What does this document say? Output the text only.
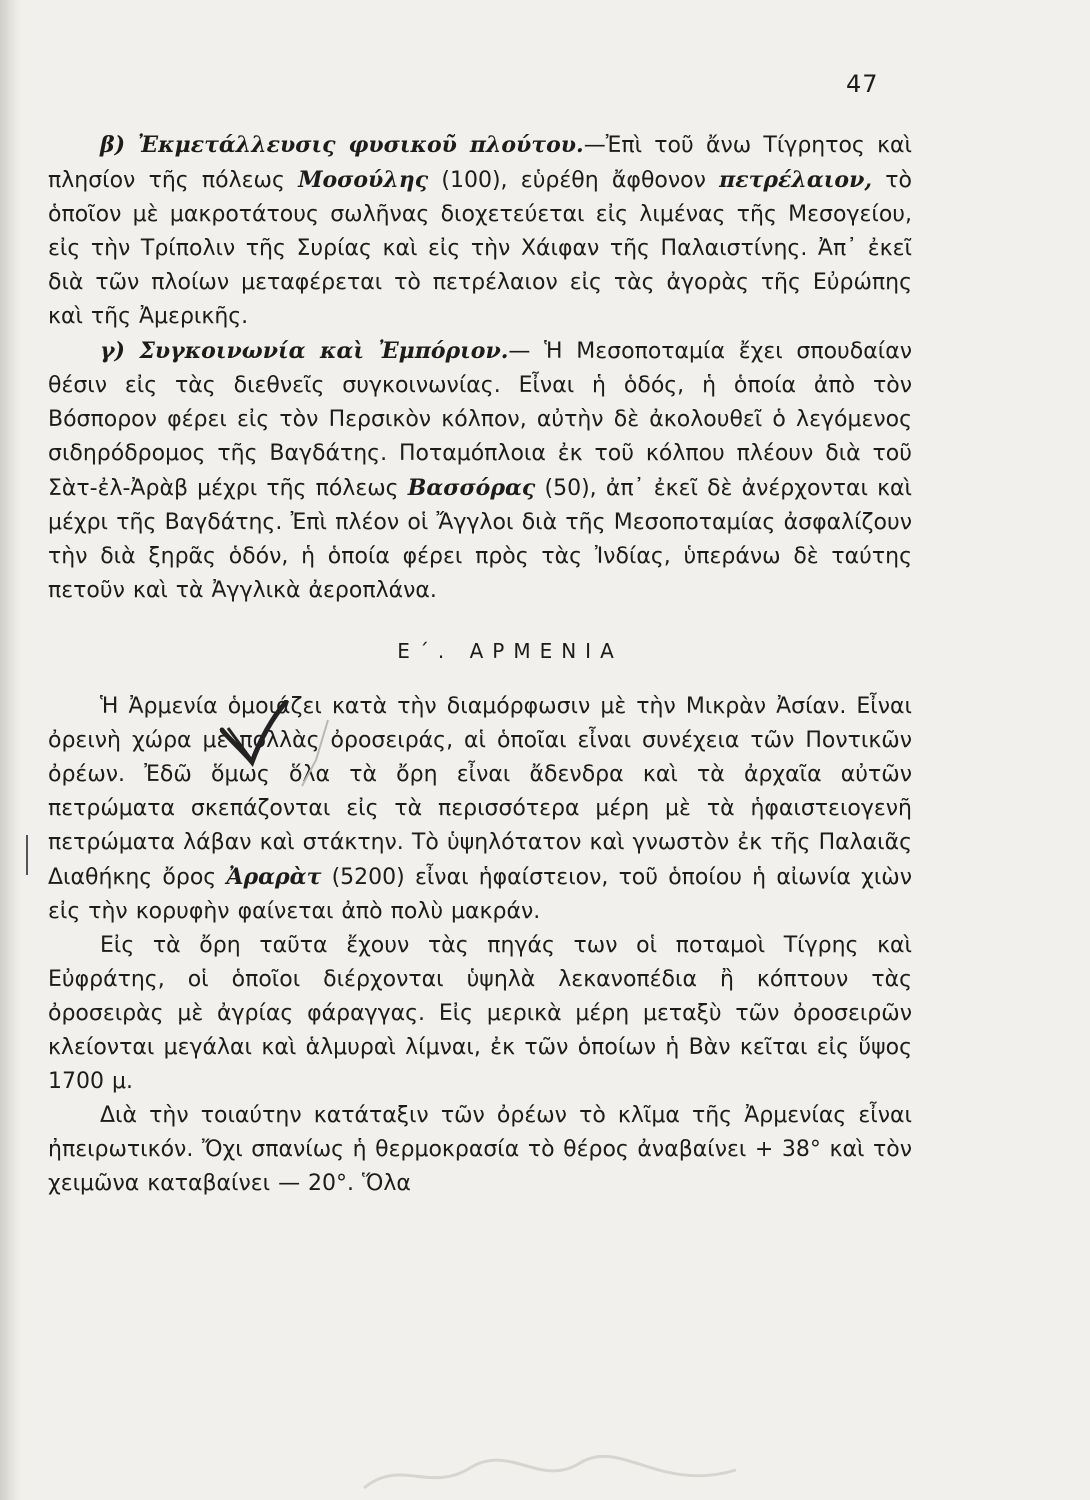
47

β) Ἐκμετάλλευσις φυσικοῦ πλούτου.—Ἐπὶ τοῦ ἄνω Τίγρητος καὶ πλησίον τῆς πόλεως Μοσούλης (100), εὑρέθη ἄφθονον πετρέλαιον, τὸ ὁποῖον μὲ μακροτάτους σωλῆνας διοχετεύεται εἰς λιμένας τῆς Μεσογείου, εἰς τὴν Τρίπολιν τῆς Συρίας καὶ εἰς τὴν Χάιφαν τῆς Παλαιστίνης. Ἀπ᾽ ἐκεῖ διὰ τῶν πλοίων μεταφέρεται τὸ πετρέλαιον εἰς τὰς ἀγορὰς τῆς Εὐρώπης καὶ τῆς Ἀμερικῆς.

γ) Συγκοινωνία καὶ Ἐμπόριον.— Ἡ Μεσοποταμία ἔχει σπουδαίαν θέσιν εἰς τὰς διεθνεῖς συγκοινωνίας. Εἶναι ἡ ὁδός, ἡ ὁποία ἀπὸ τὸν Βόσπορον φέρει εἰς τὸν Περσικὸν κόλπον, αὐτὴν δὲ ἀκολουθεῖ ὁ λεγόμενος σιδηρόδρομος τῆς Βαγδάτης. Ποταμόπλοια ἐκ τοῦ κόλπου πλέουν διὰ τοῦ Σὰτ-ἐλ-Ἀρὰβ μέχρι τῆς πόλεως Βασσόρας (50), ἀπ᾽ ἐκεῖ δὲ ἀνέρχονται καὶ μέχρι τῆς Βαγδάτης. Ἐπὶ πλέον οἱ Ἄγγλοι διὰ τῆς Μεσοποταμίας ἀσφαλίζουν τὴν διὰ ξηρᾶς ὁδόν, ἡ ὁποία φέρει πρὸς τὰς Ἰνδίας, ὑπεράνω δὲ ταύτης πετοῦν καὶ τὰ Ἀγγλικὰ ἀεροπλάνα.

Ε΄. ΑΡΜΕΝΙΑ

Ἡ Ἀρμενία ὁμοιάζει κατὰ τὴν διαμόρφωσιν μὲ τὴν Μικρὰν Ἀσίαν. Εἶναι ὀρεινὴ χώρα μὲ πολλὰς ὀροσειράς, αἱ ὁποῖαι εἶναι συνέχεια τῶν Ποντικῶν ὀρέων. Ἐδῶ ὅμως ὅλα τὰ ὄρη εἶναι ἄδενδρα καὶ τὰ ἀρχαῖα αὐτῶν πετρώματα σκεπάζονται εἰς τὰ περισσότερα μέρη μὲ τὰ ἡφαιστειογενῆ πετρώματα λάβαν καὶ στάκτην. Τὸ ὑψηλότατον καὶ γνωστὸν ἐκ τῆς Παλαιᾶς Διαθήκης ὄρος Ἀραρὰτ (5200) εἶναι ἡφαίστειον, τοῦ ὁποίου ἡ αἰωνία χιὼν εἰς τὴν κορυφὴν φαίνεται ἀπὸ πολὺ μακράν.

Εἰς τὰ ὄρη ταῦτα ἔχουν τὰς πηγάς των οἱ ποταμοὶ Τίγρης καὶ Εὐφράτης, οἱ ὁποῖοι διέρχονται ὑψηλὰ λεκανοπέδια ἢ κόπτουν τὰς ὀροσειρὰς μὲ ἀγρίας φάραγγας. Εἰς μερικὰ μέρη μεταξὺ τῶν ὀροσειρῶν κλείονται μεγάλαι καὶ ἁλμυραὶ λίμναι, ἐκ τῶν ὁποίων ἡ Βὰν κεῖται εἰς ὕψος 1700 μ.

Διὰ τὴν τοιαύτην κατάταξιν τῶν ὀρέων τὸ κλῖμα τῆς Ἀρμενίας εἶναι ἠπειρωτικόν. Ὄχι σπανίως ἡ θερμοκρασία τὸ θέρος ἀναβαίνει + 38° καὶ τὸν χειμῶνα καταβαίνει — 20°. Ὅλα
